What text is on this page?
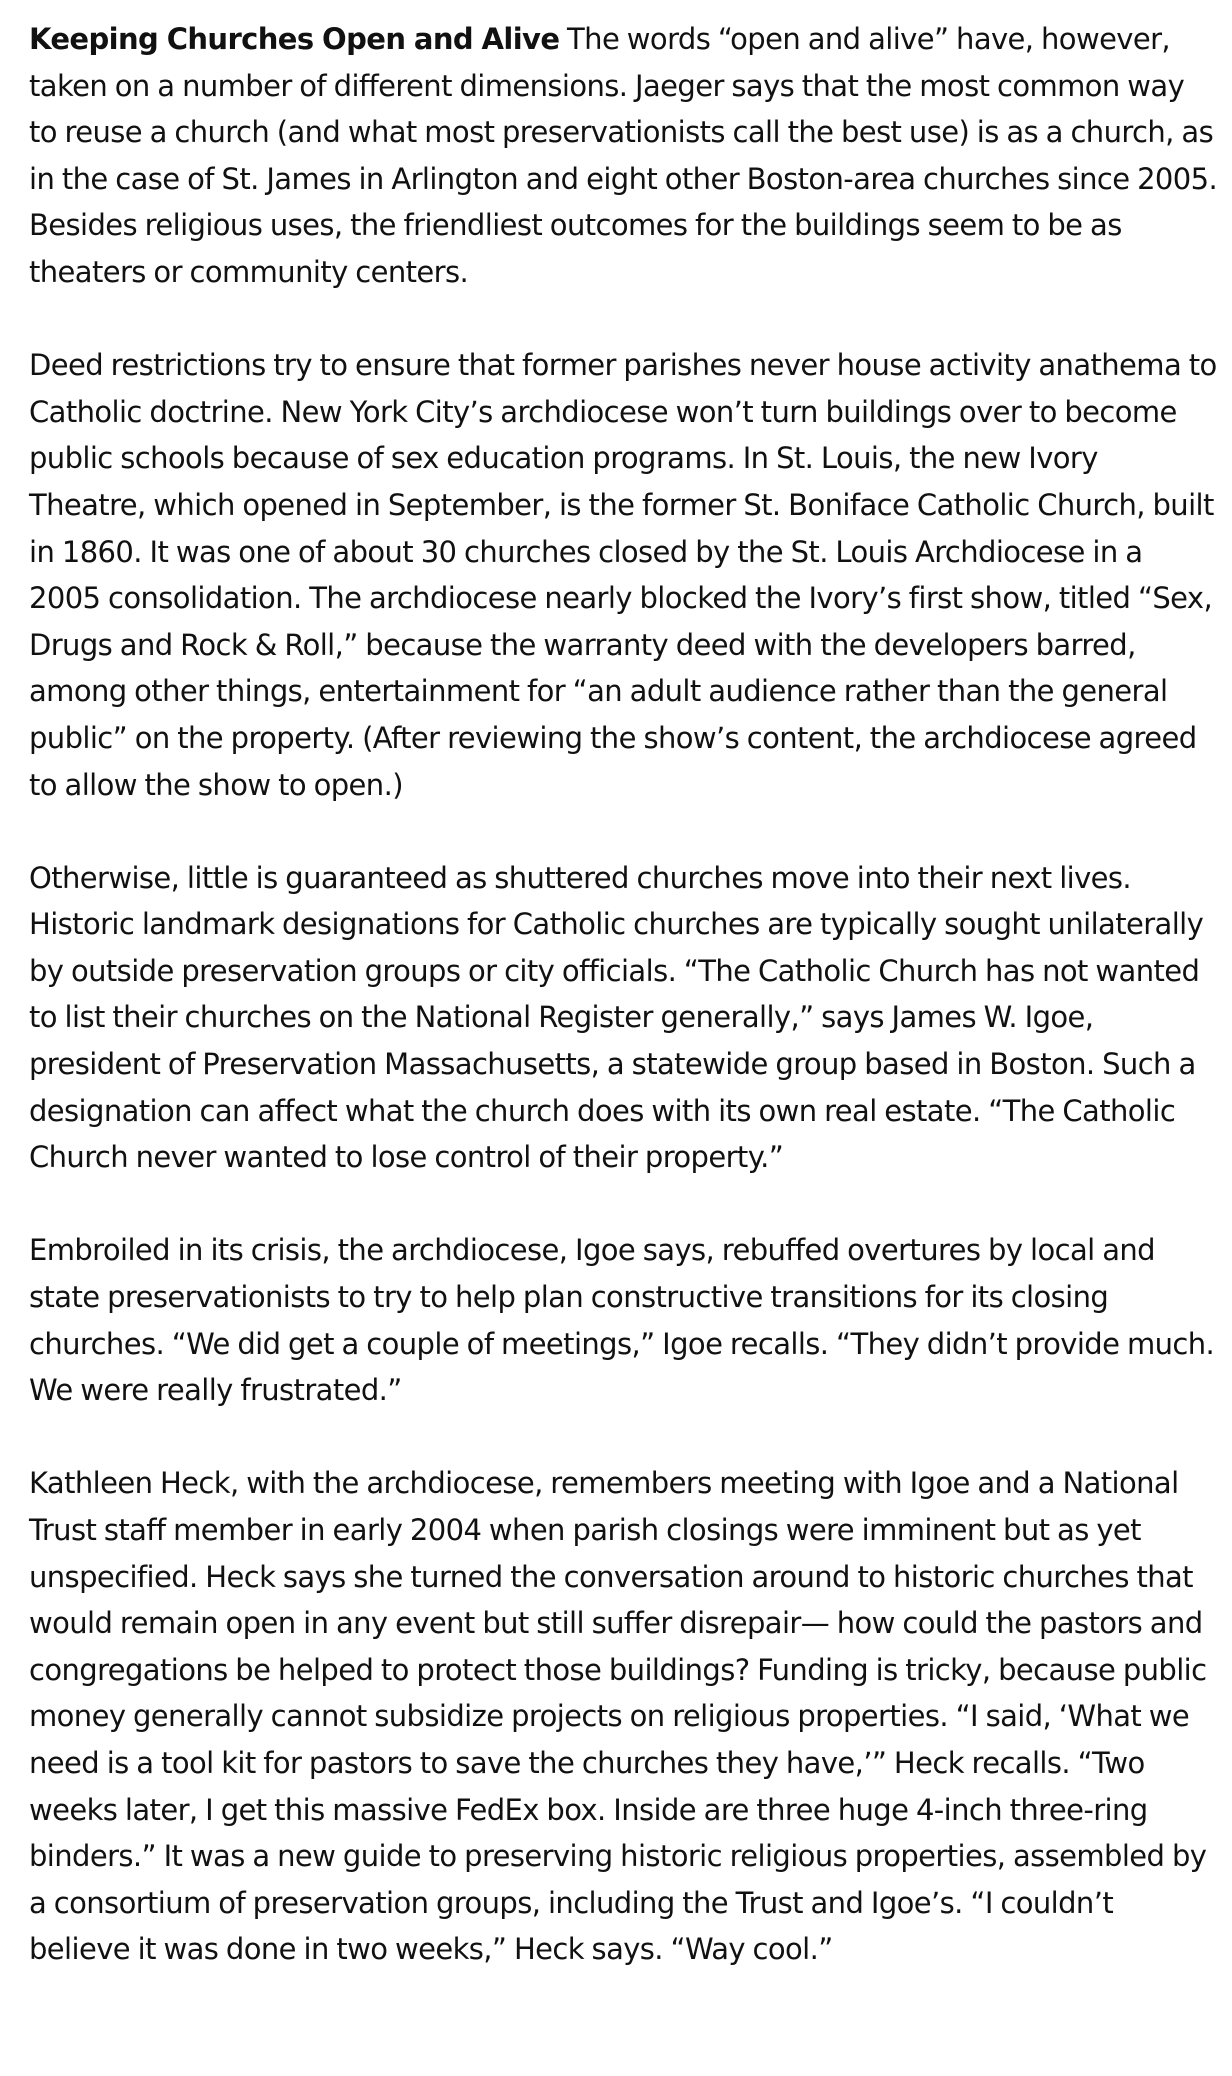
Keeping Churches Open and Alive The words “open and alive” have, however, taken on a number of different dimensions. Jaeger says that the most common way to reuse a church (and what most preservationists call the best use) is as a church, as in the case of St. James in Arlington and eight other Boston-area churches since 2005. Besides religious uses, the friendliest outcomes for the buildings seem to be as theaters or community centers.

Deed restrictions try to ensure that former parishes never house activity anathema to Catholic doctrine. New York City’s archdiocese won’t turn buildings over to become public schools because of sex education programs. In St. Louis, the new Ivory Theatre, which opened in September, is the former St. Boniface Catholic Church, built in 1860. It was one of about 30 churches closed by the St. Louis Archdiocese in a 2005 consolidation. The archdiocese nearly blocked the Ivory’s first show, titled “Sex, Drugs and Rock & Roll,” because the warranty deed with the developers barred, among other things, entertainment for “an adult audience rather than the general public” on the property. (After reviewing the show’s content, the archdiocese agreed to allow the show to open.)

Otherwise, little is guaranteed as shuttered churches move into their next lives. Historic landmark designations for Catholic churches are typically sought unilaterally by outside preservation groups or city officials. “The Catholic Church has not wanted to list their churches on the National Register generally,” says James W. Igoe, president of Preservation Massachusetts, a statewide group based in Boston. Such a designation can affect what the church does with its own real estate. “The Catholic Church never wanted to lose control of their property.”

Embroiled in its crisis, the archdiocese, Igoe says, rebuffed overtures by local and state preservationists to try to help plan constructive transitions for its closing churches. “We did get a couple of meetings,” Igoe recalls. “They didn’t provide much. We were really frustrated.”

Kathleen Heck, with the archdiocese, remembers meeting with Igoe and a National Trust staff member in early 2004 when parish closings were imminent but as yet unspecified. Heck says she turned the conversation around to historic churches that would remain open in any event but still suffer disrepair— how could the pastors and congregations be helped to protect those buildings? Funding is tricky, because public money generally cannot subsidize projects on religious properties. “I said, ‘What we need is a tool kit for pastors to save the churches they have,’” Heck recalls. “Two weeks later, I get this massive FedEx box. Inside are three huge 4-inch three-ring binders.” It was a new guide to preserving historic religious properties, assembled by a consortium of preservation groups, including the Trust and Igoe’s. “I couldn’t believe it was done in two weeks,” Heck says. “Way cool.”
